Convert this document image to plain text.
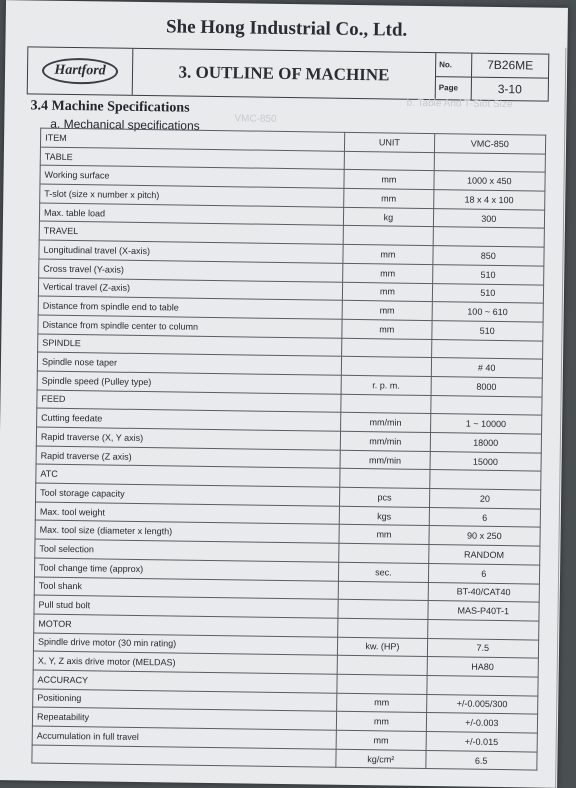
She Hong Industrial Co., Ltd.
Hartford	3. OUTLINE OF MACHINE	No.	7B26ME
Page	3-10
b. Table And T-Slot Size
VMC-850
3.4 Machine Specifications
a. Mechanical specifications
ITEM	UNIT	VMC-850
TABLE		
Working surface	mm	1000 x 450
T-slot (size x number x pitch)	mm	18 x 4 x 100
Max. table load	kg	300
TRAVEL		
Longitudinal travel (X-axis)	mm	850
Cross travel (Y-axis)	mm	510
Vertical travel (Z-axis)	mm	510
Distance from spindle end to table	mm	100 ~ 610
Distance from spindle center to column	mm	510
SPINDLE		
Spindle nose taper		# 40
Spindle speed (Pulley type)	r. p. m.	8000
FEED		
Cutting feedate	mm/min	1 ~ 10000
Rapid traverse (X, Y axis)	mm/min	18000
Rapid traverse (Z axis)	mm/min	15000
ATC		
Tool storage capacity	pcs	20
Max. tool weight	kgs	6
Max. tool size (diameter x length)	mm	90 x 250
Tool selection		RANDOM
Tool change time (approx)	sec.	6
Tool shank		BT-40/CAT40
Pull stud bolt		MAS-P40T-1
MOTOR		
Spindle drive motor (30 min rating)	kw. (HP)	7.5
X, Y, Z axis drive motor (MELDAS)		HA80
ACCURACY		
Positioning	mm	+/-0.005/300
Repeatability	mm	+/-0.003
Accumulation in full travel	mm	+/-0.015
	kg/cm²	6.5
